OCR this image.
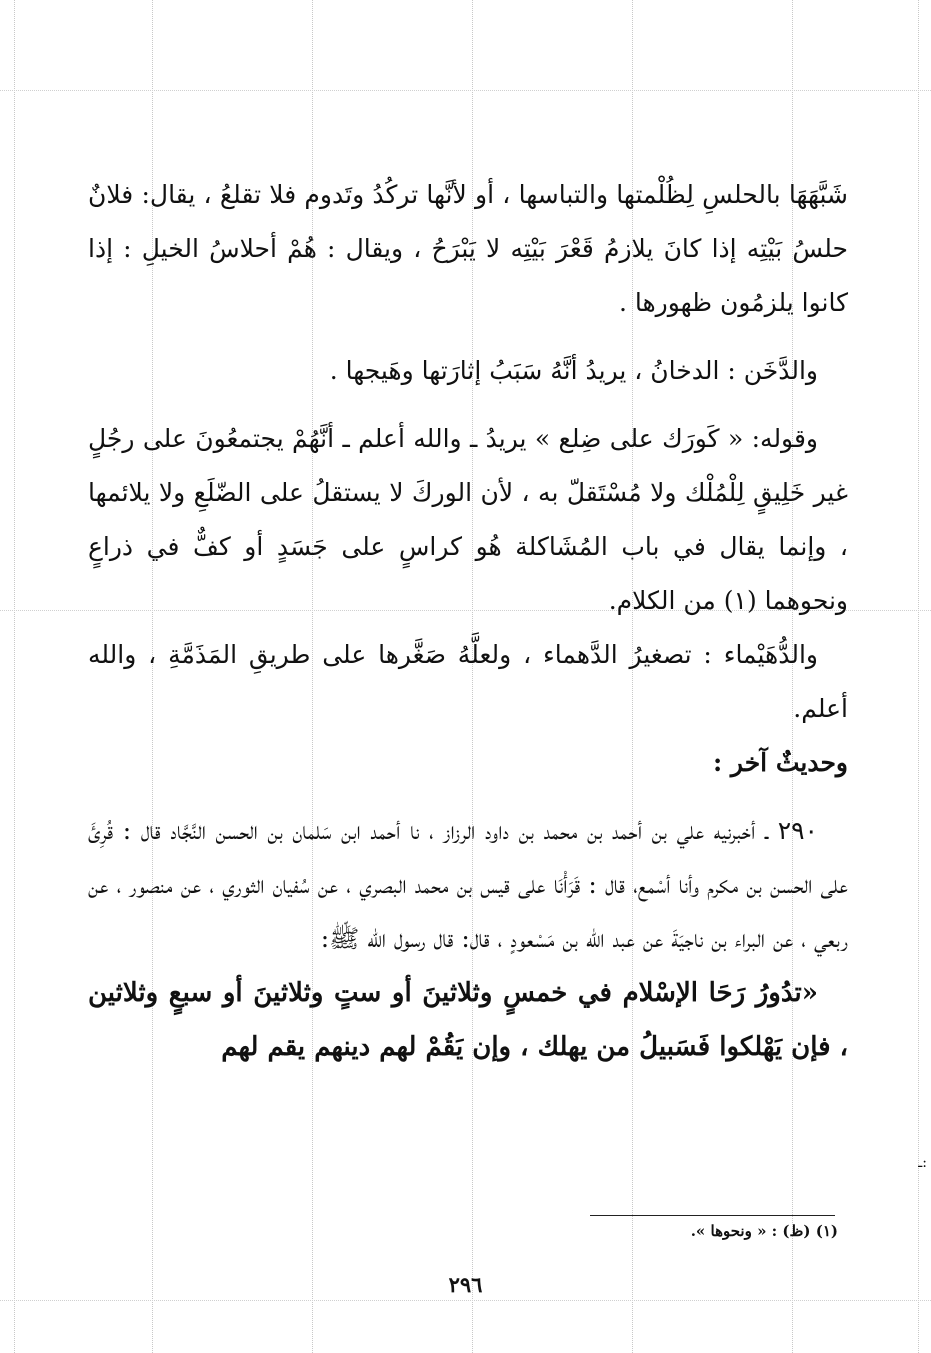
شَبَّهَهَا بالحلسِ لِظُلْمتها والتباسها ، أو لأنَّها تركُدُ وتَدوم فلا تقلعُ ، يقال: فلانٌ حلسُ بَيْتِه إذا كانَ يلازمُ قَعْرَ بَيْتِه لا يَبْرَحُ ، ويقال : هُمْ أحلاسُ الخيلِ : إذا كانوا يلزمُون ظهورها .

والدَّخَن : الدخانُ ، يريدُ أنَّهُ سَبَبُ إثارَتها وهَيجها .

وقوله: « كَورَك على ضِلع » يريدُ ـ والله أعلم ـ أنَّهُمْ يجتمعُونَ على رجُلٍ غير خَلِيقٍ لِلْمُلْك ولا مُسْتَقلّ به ، لأن الوركَ لا يستقلُ على الضّلَعِ ولا يلائمها ، وإنما يقال في باب المُشَاكلة هُو كراسٍ على جَسَدٍ أو كفٌّ في ذراعٍ ونحوهما (١) من الكلام.

والدُّهَيْماء : تصغيرُ الدَّهماء ، ولعلَّهُ صَغَّرها على طريقِ المَذَمَّةِ ، والله أعلم.

وحديثٌ آخر :

٢٩٠ ـ أخبرنيه علي بن أحمد بن محمد بن داود الرزاز ، نا أحمد ابن سَلمان بن الحسن النَّجَّاد قال : قُرِئَ على الحسن بن مكرم وأنا أسْمع، قال : قَرَأْنَا على قيس بن محمد البصري ، عن سُفيان الثوري ، عن منصور ، عن ربعي ، عن البراء بن ناجيَةَ عن عبد الله بن مَسْعودٍ ، قال: قال رسول الله ﷺ:

«تدُورُ رَحَا الإسْلام في خمسٍ وثلاثينَ أو ستٍ وثلاثينَ أو سبعٍ وثلاثين ، فإن يَهْلكوا فَسَبيلُ من يهلك ، وإن يَقُمْ لهم دينهم يقم لهم

(١) (ظ) : « ونحوها ».
٢٩٦
ـ:
